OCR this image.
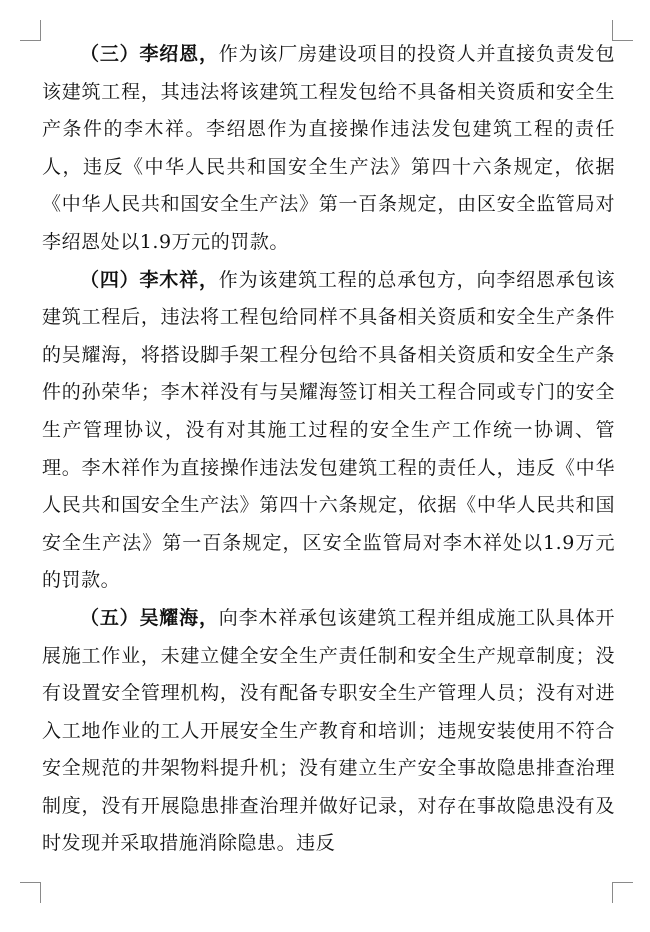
（三）李绍恩，作为该厂房建设项目的投资人并直接负责发包该建筑工程，其违法将该建筑工程发包给不具备相关资质和安全生产条件的李木祥。李绍恩作为直接操作违法发包建筑工程的责任人，违反《中华人民共和国安全生产法》第四十六条规定，依据《中华人民共和国安全生产法》第一百条规定，由区安全监管局对李绍恩处以1.9万元的罚款。

（四）李木祥，作为该建筑工程的总承包方，向李绍恩承包该建筑工程后，违法将工程包给同样不具备相关资质和安全生产条件的吴耀海，将搭设脚手架工程分包给不具备相关资质和安全生产条件的孙荣华；李木祥没有与吴耀海签订相关工程合同或专门的安全生产管理协议，没有对其施工过程的安全生产工作统一协调、管理。李木祥作为直接操作违法发包建筑工程的责任人，违反《中华人民共和国安全生产法》第四十六条规定，依据《中华人民共和国安全生产法》第一百条规定，区安全监管局对李木祥处以1.9万元的罚款。

（五）吴耀海，向李木祥承包该建筑工程并组成施工队具体开展施工作业，未建立健全安全生产责任制和安全生产规章制度；没有设置安全管理机构，没有配备专职安全生产管理人员；没有对进入工地作业的工人开展安全生产教育和培训；违规安装使用不符合安全规范的井架物料提升机；没有建立生产安全事故隐患排查治理制度，没有开展隐患排查治理并做好记录，对存在事故隐患没有及时发现并采取措施消除隐患。违反
